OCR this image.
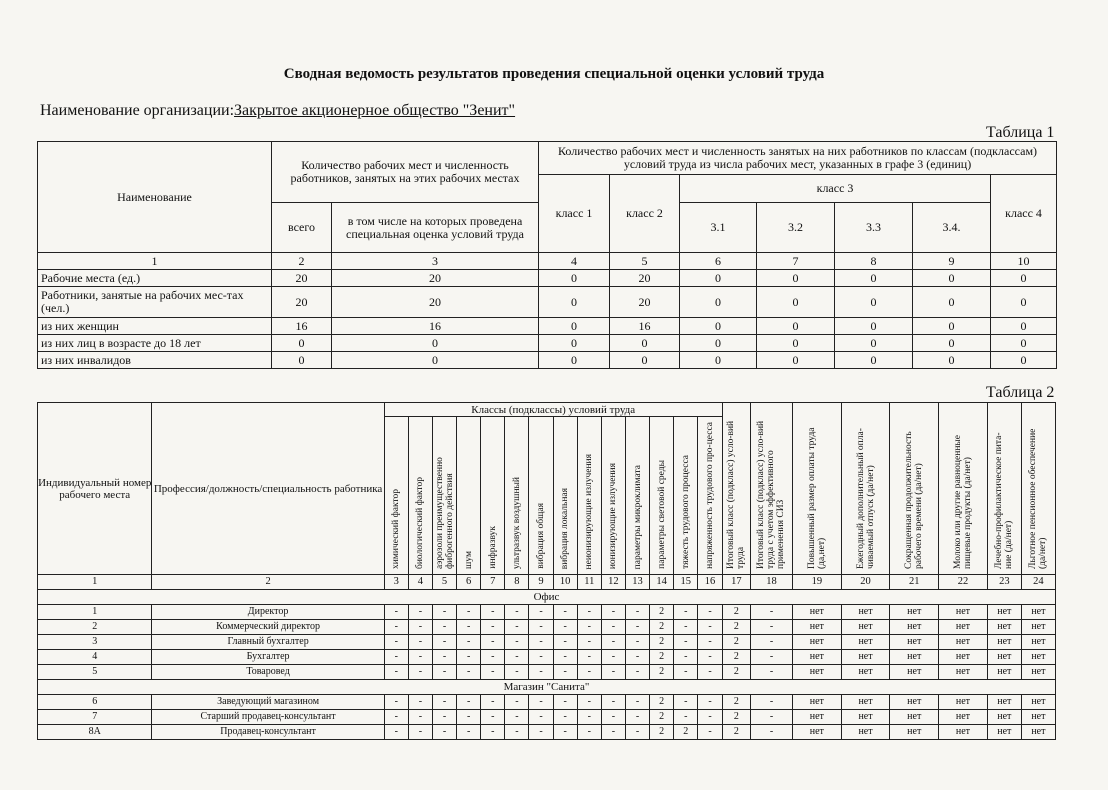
Сводная ведомость результатов проведения специальной оценки условий труда
Наименование организации:Закрытое акционерное общество "Зенит"
Таблица 1
Наименование	Количество рабочих мест и численность работников, занятых на этих рабочих местах		Количество рабочих мест и численность занятых на них работников по классам (подклассам) условий труда из числа рабочих мест, указанных в графе 3 (единиц)						
			класс 1	класс 2	класс 3				класс 4
	всего	в том числе на которых проведена специальная оценка условий труда			3.1	3.2	3.3	3.4.	
1	2	3	4	5	6	7	8	9	10
Рабочие места (ед.)	20	20	0	20	0	0	0	0	0
Работники, занятые на рабочих мес-тах (чел.)	20	20	0	20	0	0	0	0	0
из них женщин	16	16	0	16	0	0	0	0	0
из них лиц в возрасте до 18 лет	0	0	0	0	0	0	0	0	0
из них инвалидов	0	0	0	0	0	0	0	0	0
Таблица 2
Индивидуальный номер рабочего места	Профессия/должность/специальность работника	Классы (подклассы) условий труда														Итоговый класс (подкласс) усло-вий труда	Итоговый класс (подкласс) усло-вий труда с учетом эффективного применения СИЗ	Повышенный размер оплаты труда (да,нет)	Ежегодный дополнительный опла-чиваемый отпуск (да/нет)	Сокращенная продолжительность рабочего времени (да/нет)	Молоко или другие равноценные пищевые продукты (да/нет)	Лечебно-профилактическое пита-ние (да/нет)	Льготное пенсионное обеспечение (да/нет)
		химический фактор	биологический фактор	аэрозоли преимущественно фиброгенного действия	шум	инфразвук	ультразвук воздушный	вибрация общая	вибрация локальная	неионизирующие излучения	ионизирующие излучения	параметры микроклимата	параметры световой среды	тяжесть трудового процесса	напряженность трудового про-цесса								
1	2	3	4	5	6	7	8	9	10	11	12	13	14	15	16	17	18	19	20	21	22	23	24
Офис																							
1	Директор	-	-	-	-	-	-	-	-	-	-	-	2	-	-	2	-	нет	нет	нет	нет	нет	нет
2	Коммерческий директор	-	-	-	-	-	-	-	-	-	-	-	2	-	-	2	-	нет	нет	нет	нет	нет	нет
3	Главный бухгалтер	-	-	-	-	-	-	-	-	-	-	-	2	-	-	2	-	нет	нет	нет	нет	нет	нет
4	Бухгалтер	-	-	-	-	-	-	-	-	-	-	-	2	-	-	2	-	нет	нет	нет	нет	нет	нет
5	Товаровед	-	-	-	-	-	-	-	-	-	-	-	2	-	-	2	-	нет	нет	нет	нет	нет	нет
Магазин "Санита"																							
6	Заведующий магазином	-	-	-	-	-	-	-	-	-	-	-	2	-	-	2	-	нет	нет	нет	нет	нет	нет
7	Старший продавец-консультант	-	-	-	-	-	-	-	-	-	-	-	2	-	-	2	-	нет	нет	нет	нет	нет	нет
8А	Продавец-консультант	-	-	-	-	-	-	-	-	-	-	-	2	2	-	2	-	нет	нет	нет	нет	нет	нет
